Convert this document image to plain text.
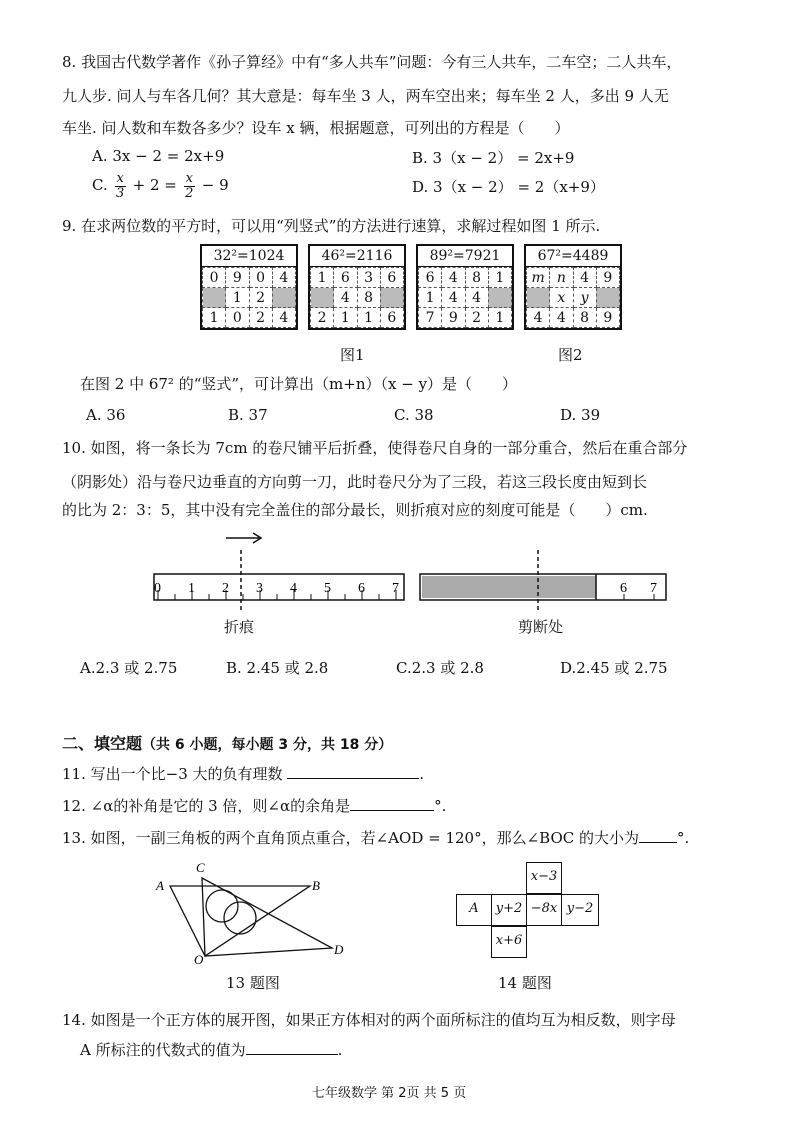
8. 我国古代数学著作《孙子算经》中有“多人共车”问题：今有三人共车，二车空；二人共车，
九人步. 问人与车各几何？其大意是：每车坐 3 人，两车空出来；每车坐 2 人，多出 9 人无
车坐. 问人数和车数各多少？设车 x 辆，根据题意，可列出的方程是（　　）
A. 3x − 2 = 2x+9	B. 3（x − 2） = 2x+9
C. $\frac{x}{3} + 2 = \frac{x}{2} - 9$	D. 3（x − 2） = 2（x+9）
9. 在求两位数的平方时，可以用“列竖式”的方法进行速算，求解过程如图 1 所示.
32²=1024
0	9	0	4
	1	2	
1	0	2	4
46²=2116
1	6	3	6
	4	8	
2	1	1	6
89²=7921
6	4	8	1
1	4	4	
7	9	2	1
67²=4489
m	n	4	9
	x	y	
4	4	8	9
图1	图2
在图 2 中 67² 的“竖式”，可计算出（m+n）（x − y）是（　　）
A. 36	B. 37	C. 38	D. 39
10. 如图，将一条长为 7cm 的卷尺铺平后折叠，使得卷尺自身的一部分重合，然后在重合部分
（阴影处）沿与卷尺边垂直的方向剪一刀，此时卷尺分为了三段，若这三段长度由短到长
的比为 2：3：5，其中没有完全盖住的部分最长，则折痕对应的刻度可能是（　　）cm.
0 1 2 3 4 5 6 7	6 7
折痕	剪断处
A.2.3 或 2.75	B. 2.45 或 2.8	C.2.3 或 2.8	D.2.45 或 2.75
二、填空题（共 6 小题，每小题 3 分，共 18 分）
11. 写出一个比−3 大的负有理数	.
12. ∠α的补角是它的 3 倍，则∠α的余角是	°.
13. 如图，一副三角板的两个直角顶点重合，若∠AOD = 120°，那么∠BOC 的大小为	°.
A
C
B
O
D
13 题图
x−3
A	y+2 −8x y−2
x+6
14 题图
14. 如图是一个正方体的展开图，如果正方体相对的两个面所标注的值均互为相反数，则字母
A 所标注的代数式的值为	.
七年级数学 第 2页 共 5 页
